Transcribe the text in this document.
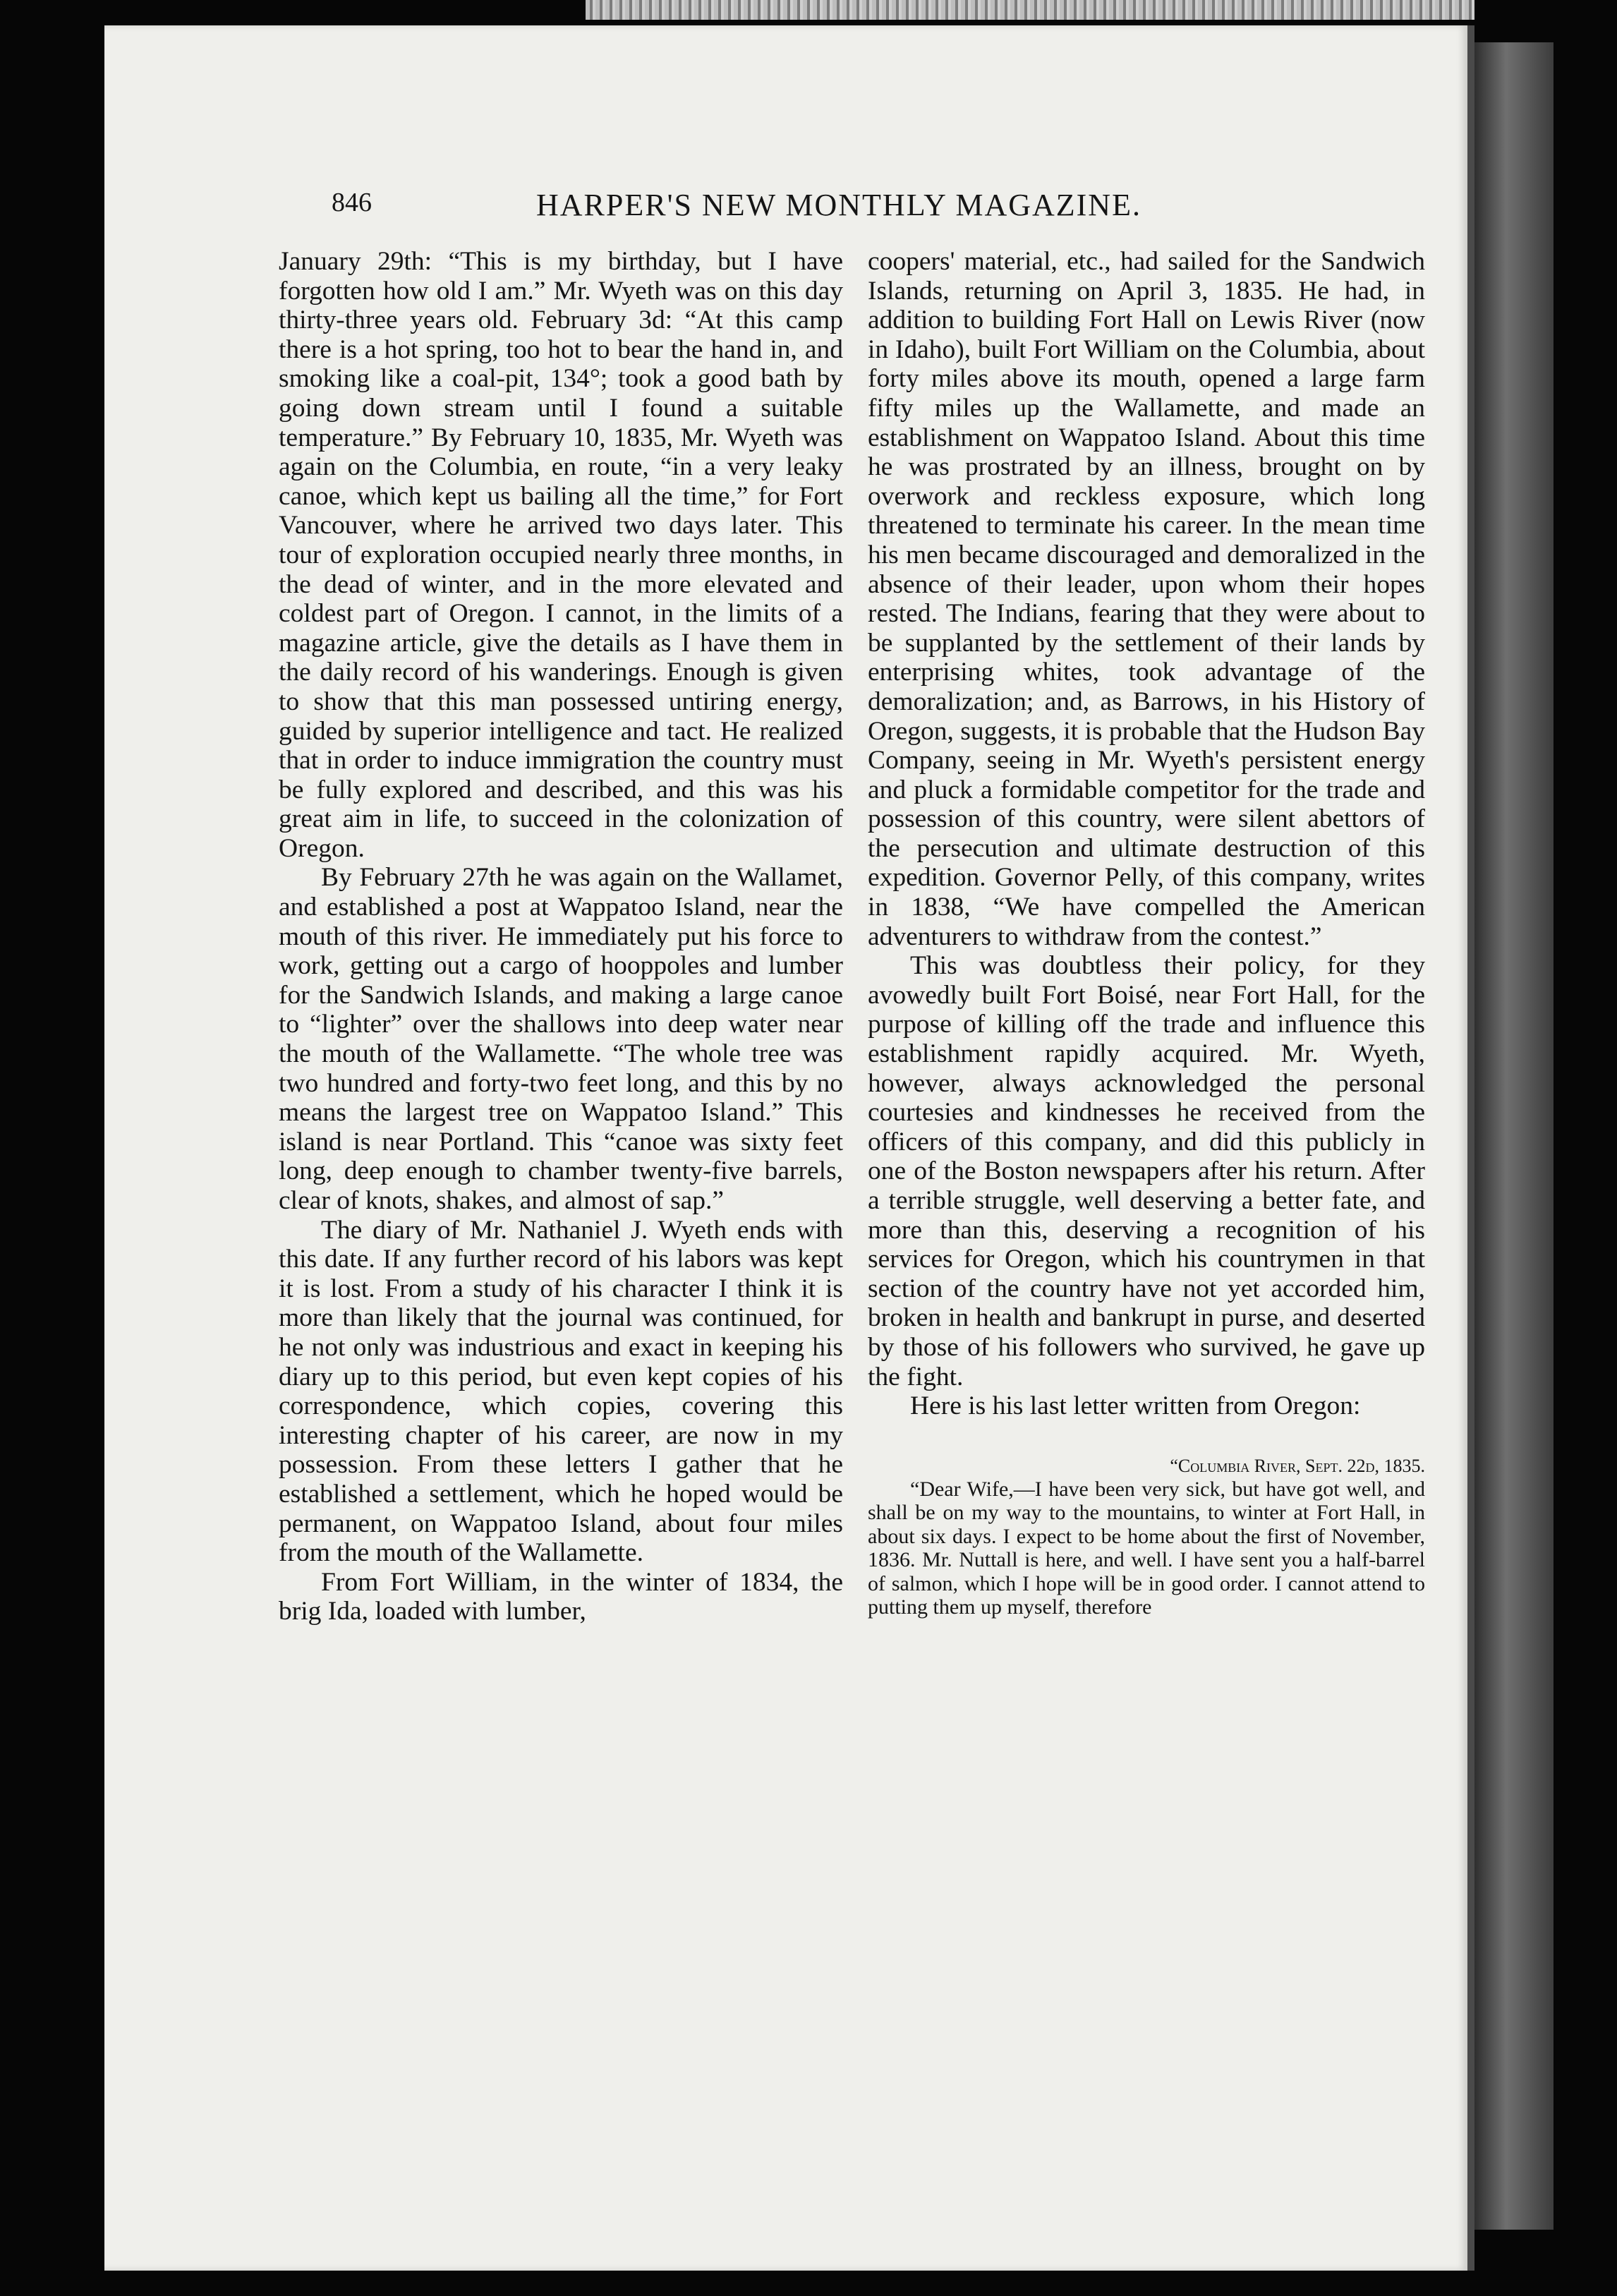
846	HARPER'S NEW MONTHLY MAGAZINE.

January 29th: “This is my birthday, but I have forgotten how old I am.” Mr. Wyeth was on this day thirty-three years old. February 3d: “At this camp there is a hot spring, too hot to bear the hand in, and smoking like a coal-pit, 134°; took a good bath by going down stream until I found a suitable temperature.” By February 10, 1835, Mr. Wyeth was again on the Columbia, en route, “in a very leaky canoe, which kept us bailing all the time,” for Fort Vancouver, where he arrived two days later. This tour of exploration occupied nearly three months, in the dead of winter, and in the more elevated and coldest part of Oregon. I cannot, in the limits of a magazine article, give the details as I have them in the daily record of his wanderings. Enough is given to show that this man possessed untiring energy, guided by superior intelligence and tact. He realized that in order to induce immigration the country must be fully explored and described, and this was his great aim in life, to succeed in the colonization of Oregon.

By February 27th he was again on the Wallamet, and established a post at Wappatoo Island, near the mouth of this river. He immediately put his force to work, getting out a cargo of hooppoles and lumber for the Sandwich Islands, and making a large canoe to “lighter” over the shallows into deep water near the mouth of the Wallamette. “The whole tree was two hundred and forty-two feet long, and this by no means the largest tree on Wappatoo Island.” This island is near Portland. This “canoe was sixty feet long, deep enough to chamber twenty-five barrels, clear of knots, shakes, and almost of sap.”

The diary of Mr. Nathaniel J. Wyeth ends with this date. If any further record of his labors was kept it is lost. From a study of his character I think it is more than likely that the journal was continued, for he not only was industrious and exact in keeping his diary up to this period, but even kept copies of his correspondence, which copies, covering this interesting chapter of his career, are now in my possession. From these letters I gather that he established a settlement, which he hoped would be permanent, on Wappatoo Island, about four miles from the mouth of the Wallamette.

From Fort William, in the winter of 1834, the brig Ida, loaded with lumber,

coopers' material, etc., had sailed for the Sandwich Islands, returning on April 3, 1835. He had, in addition to building Fort Hall on Lewis River (now in Idaho), built Fort William on the Columbia, about forty miles above its mouth, opened a large farm fifty miles up the Wallamette, and made an establishment on Wappatoo Island. About this time he was prostrated by an illness, brought on by overwork and reckless exposure, which long threatened to terminate his career. In the mean time his men became discouraged and demoralized in the absence of their leader, upon whom their hopes rested. The Indians, fearing that they were about to be supplanted by the settlement of their lands by enterprising whites, took advantage of the demoralization; and, as Barrows, in his History of Oregon, suggests, it is probable that the Hudson Bay Company, seeing in Mr. Wyeth's persistent energy and pluck a formidable competitor for the trade and possession of this country, were silent abettors of the persecution and ultimate destruction of this expedition. Governor Pelly, of this company, writes in 1838, “We have compelled the American adventurers to withdraw from the contest.”

This was doubtless their policy, for they avowedly built Fort Boisé, near Fort Hall, for the purpose of killing off the trade and influence this establishment rapidly acquired. Mr. Wyeth, however, always acknowledged the personal courtesies and kindnesses he received from the officers of this company, and did this publicly in one of the Boston newspapers after his return. After a terrible struggle, well deserving a better fate, and more than this, deserving a recognition of his services for Oregon, which his countrymen in that section of the country have not yet accorded him, broken in health and bankrupt in purse, and deserted by those of his followers who survived, he gave up the fight.

Here is his last letter written from Oregon:

“Columbia River, Sept. 22d, 1835.

“Dear Wife,—I have been very sick, but have got well, and shall be on my way to the mountains, to winter at Fort Hall, in about six days. I expect to be home about the first of November, 1836. Mr. Nuttall is here, and well. I have sent you a half-barrel of salmon, which I hope will be in good order. I cannot attend to putting them up myself, therefore
